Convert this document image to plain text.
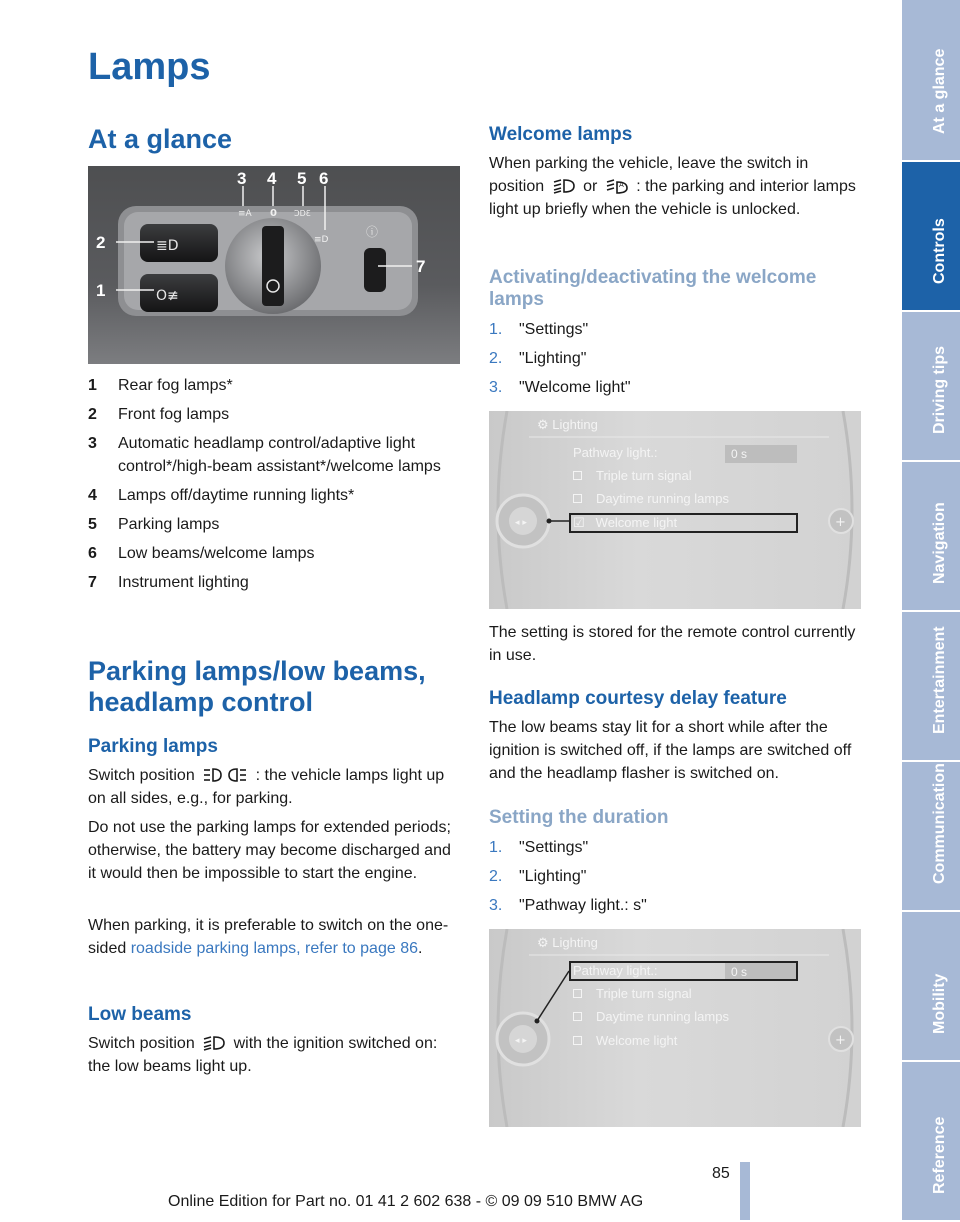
Lamps
At a glance
≣D
O≢
≡A 0 ƆDƐ
≡D
ⓘ
3 4 5 6
2
1
7
1	Rear fog lamps*
2	Front fog lamps
3	Automatic headlamp control/adaptive light control*/high-beam assistant*/welcome lamps
4	Lamps off/daytime running lights*
5	Parking lamps
6	Low beams/welcome lamps
7	Instrument lighting
Parking lamps/low beams, headlamp control
Parking lamps
Switch position	: the vehicle lamps light up on all sides, e.g., for parking.
Do not use the parking lamps for extended periods; otherwise, the battery may become discharged and it would then be impossible to start the engine.
When parking, it is preferable to switch on the one-sided roadside parking lamps, refer to page 86.
Low beams
Switch position with the ignition switched on: the low beams light up.
Welcome lamps
When parking the vehicle, leave the switch in position or	A : the parking and interior lamps light up briefly when the vehicle is unlocked.
Activating/deactivating the welcome lamps
1.	"Settings"
2.	"Lighting"
3.	"Welcome light"
◂ ▸	+
⚙ Lighting
Pathway light.:	0 s
Triple turn signal
Daytime running lamps
☑ Welcome light
The setting is stored for the remote control currently in use.
Headlamp courtesy delay feature
The low beams stay lit for a short while after the ignition is switched off, if the lamps are switched off and the headlamp flasher is switched on.
Setting the duration
1.	"Settings"
2.	"Lighting"
3.	"Pathway light.: s"
◂ ▸	+
⚙ Lighting
Pathway light.:	0 s
Triple turn signal
Daytime running lamps
Welcome light
At a glance
Controls
Driving tips
Navigation
Entertainment
Communication
Mobility
Reference
85
Online Edition for Part no. 01 41 2 602 638 - © 09 09 510 BMW AG
